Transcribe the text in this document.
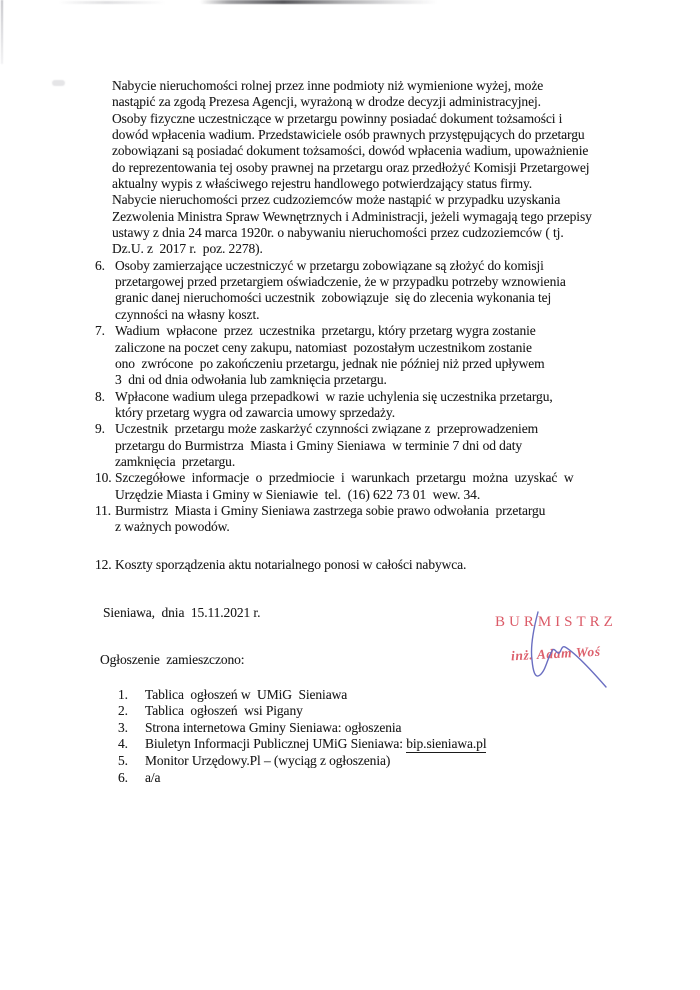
Nabycie nieruchomości rolnej przez inne podmioty niż wymienione wyżej, może
nastąpić za zgodą Prezesa Agencji, wyrażoną w drodze decyzji administracyjnej.
Osoby fizyczne uczestniczące w przetargu powinny posiadać dokument tożsamości i
dowód wpłacenia wadium. Przedstawiciele osób prawnych przystępujących do przetargu
zobowiązani są posiadać dokument tożsamości, dowód wpłacenia wadium, upoważnienie
do reprezentowania tej osoby prawnej na przetargu oraz przedłożyć Komisji Przetargowej
aktualny wypis z właściwego rejestru handlowego potwierdzający status firmy.
Nabycie nieruchomości przez cudzoziemców może nastąpić w przypadku uzyskania
Zezwolenia Ministra Spraw Wewnętrznych i Administracji, jeżeli wymagają tego przepisy
ustawy z dnia 24 marca 1920r. o nabywaniu nieruchomości przez cudzoziemców ( tj.
Dz.U. z  2017 r.  poz. 2278).
6. Osoby zamierzające uczestniczyć w przetargu zobowiązane są złożyć do komisji
przetargowej przed przetargiem oświadczenie, że w przypadku potrzeby wznowienia
granic danej nieruchomości uczestnik  zobowiązuje  się do zlecenia wykonania tej
czynności na własny koszt.
7. Wadium  wpłacone  przez  uczestnika  przetargu, który przetarg wygra zostanie
zaliczone na poczet ceny zakupu, natomiast  pozostałym uczestnikom zostanie
ono  zwrócone  po zakończeniu przetargu, jednak nie później niż przed upływem
3  dni od dnia odwołania lub zamknięcia przetargu.
8. Wpłacone wadium ulega przepadkowi  w razie uchylenia się uczestnika przetargu,
który przetarg wygra od zawarcia umowy sprzedaży.
9. Uczestnik  przetargu może zaskarżyć czynności związane z  przeprowadzeniem
przetargu do Burmistrza  Miasta i Gminy Sieniawa  w terminie 7 dni od daty
zamknięcia  przetargu.
10. Szczegółowe  informacje  o  przedmiocie  i  warunkach  przetargu  można  uzyskać  w
Urzędzie Miasta i Gminy w Sieniawie  tel.  (16) 622 73 01  wew. 34.
11. Burmistrz  Miasta i Gminy Sieniawa zastrzega sobie prawo odwołania  przetargu
z ważnych powodów.
12. Koszty sporządzenia aktu notarialnego ponosi w całości nabywca.
Sieniawa,  dnia  15.11.2021 r.
Ogłoszenie  zamieszczono:
1.	Tablica  ogłoszeń w  UMiG  Sieniawa
2.	Tablica  ogłoszeń  wsi Pigany
3.	Strona internetowa Gminy Sieniawa: ogłoszenia
4.	Biuletyn Informacji Publicznej UMiG Sieniawa: bip.sieniawa.pl
5.	Monitor Urzędowy.Pl – (wyciąg z ogłoszenia)
6.	a/a
BURMISTRZ
inż. Adam Woś
